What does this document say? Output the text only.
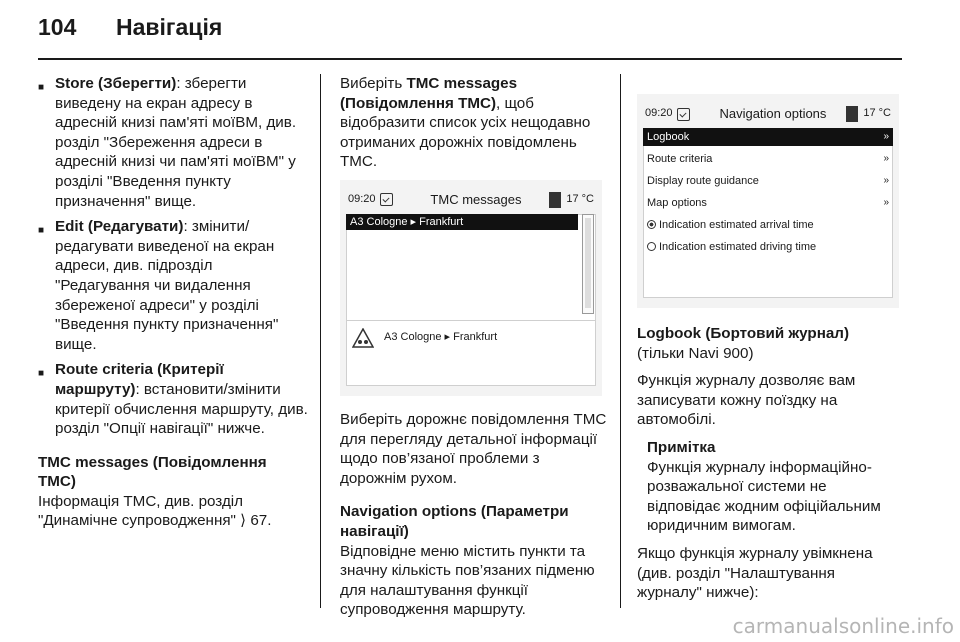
104	Навігація
■ Store (Зберегти): зберегти виведену на екран адресу в адресній книзі пам'яті моїВМ, див. розділ "Збереження адреси в адресній книзі чи пам'яті моїВМ" у розділі "Введення пункту призначення" вище.
■ Edit (Редагувати): змінити/редагувати виведеної на екран адреси, див. підрозділ "Редагування чи видалення збереженої адреси" у розділі "Введення пункту призначення" вище.
■ Route criteria (Критерії маршруту): встановити/змінити критерії обчислення маршруту, див. розділ "Опції навігації" нижче.

TMC messages (Повідомлення TMC)

Інформація TMC, див. розділ "Динамічне супроводження" ⟩ 67.

Виберіть TMC messages (Повідомлення TMC), щоб відобразити список усіх нещодавно отриманих дорожніх повідомлень TMC.

09:20	TMC messages	17 °C
A3 Cologne ▸ Frankfurt
A3 Cologne ▸ Frankfurt

Виберіть дорожнє повідомлення TMC для перегляду детальної інформації щодо пов’язаної проблеми з дорожнім рухом.

Navigation options (Параметри навігації)

Відповідне меню містить пункти та значну кількість пов’язаних підменю для налаштування функції супроводження маршруту.

09:20	Navigation options	17 °C
Logbook	»
Route criteria	»
Display route guidance	»
Map options	»
Indication estimated arrival time
Indication estimated driving time

Logbook (Бортовий журнал)

(тільки Navi 900)

Функція журналу дозволяє вам записувати кожну поїздку на автомобілі.

Примітка
Функція журналу інформаційно-розважальної системи не відповідає жодним офіційальним юридичним вимогам.

Якщо функція журналу увімкнена (див. розділ "Налаштування журналу" нижче):

carmanualsonline.info
